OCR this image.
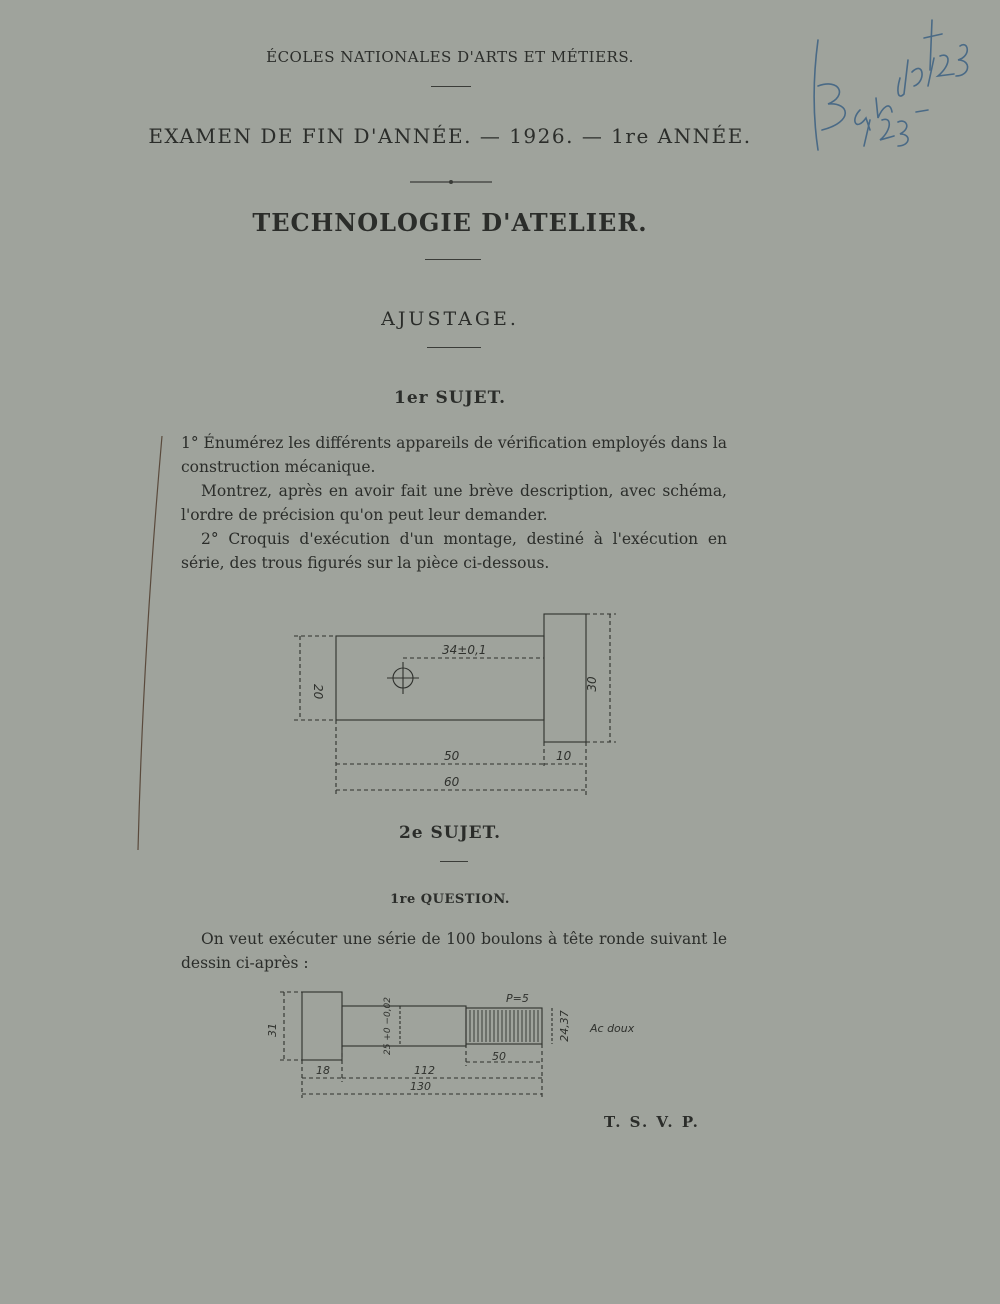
ÉCOLES NATIONALES D'ARTS ET MÉTIERS.
EXAMEN DE FIN D'ANNÉE. — 1926. — 1re ANNÉE.
TECHNOLOGIE D'ATELIER.
AJUSTAGE.
1er SUJET.

1° Énumérez les différents appareils de vérification employés dans la construction mécanique.

Montrez, après en avoir fait une brève description, avec schéma, l'ordre de précision qu'on peut leur demander.

2° Croquis d'exécution d'un montage, destiné à l'exécution en série, des trous figurés sur la pièce ci-dessous.

34±0,1
20	30
50	10
60
2e SUJET.
1re QUESTION.

On veut exécuter une série de 100 boulons à tête ronde suivant le dessin ci-après :

P=5
31	25 +0 −0,02	24,37 Ac doux
50
18	112
130
T. S. V. P.
